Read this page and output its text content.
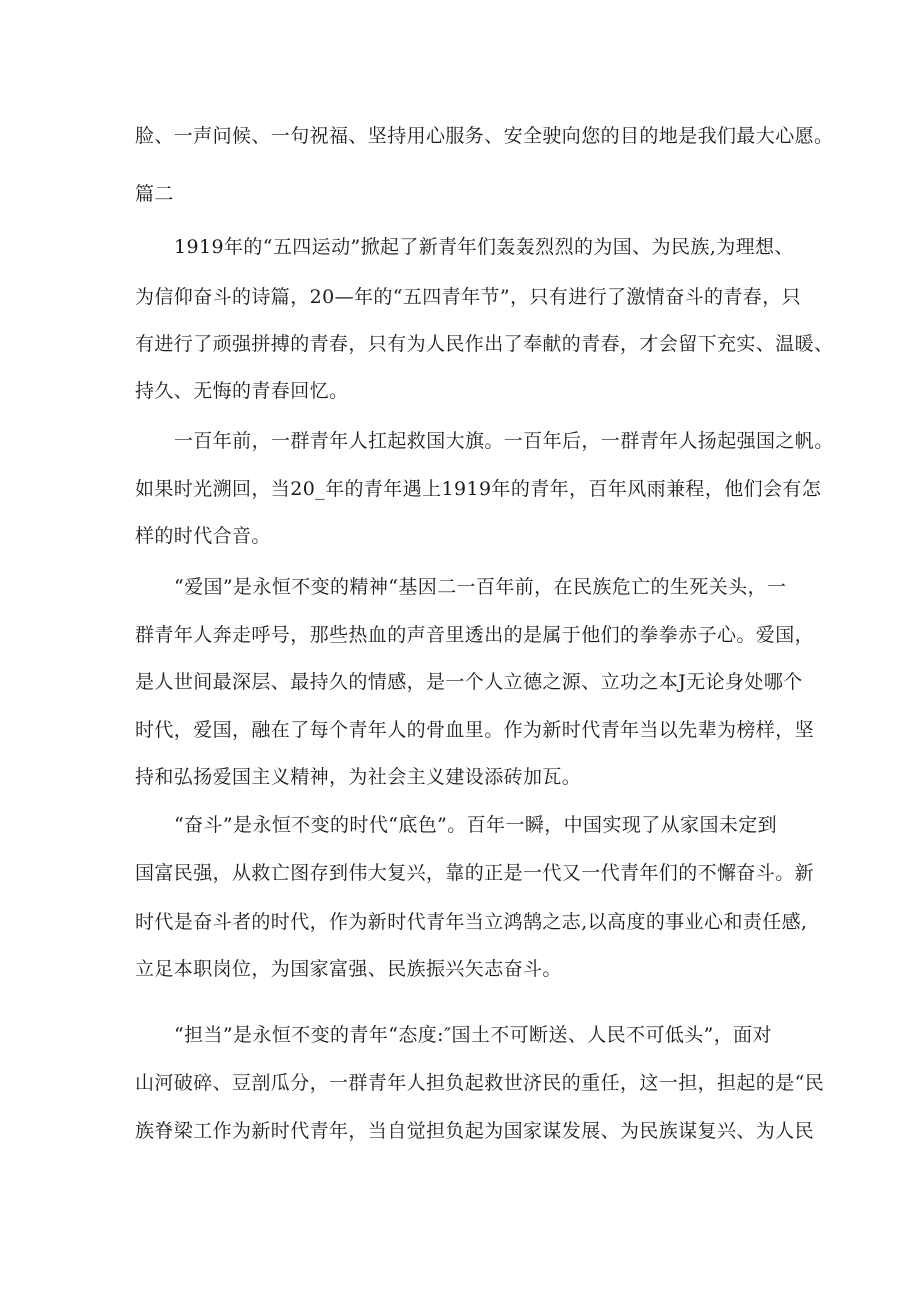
脸、一声问候、一句祝福、坚持用心服务、安全驶向您的目的地是我们最大心愿。
篇二
1919年的“五四运动”掀起了新青年们轰轰烈烈的为国、为民族,为理想、
为信仰奋斗的诗篇，20—年的“五四青年节”，只有进行了激情奋斗的青春，只
有进行了顽强拼搏的青春，只有为人民作出了奉献的青春，才会留下充实、温暖、
持久、无悔的青春回忆。
一百年前，一群青年人扛起救国大旗。一百年后，一群青年人扬起强国之帆。
如果时光溯回，当20_年的青年遇上1919年的青年，百年风雨兼程，他们会有怎
样的时代合音。
“爱国”是永恒不变的精神“基因二一百年前，在民族危亡的生死关头，一
群青年人奔走呼号，那些热血的声音里透出的是属于他们的拳拳赤子心。爱国，
是人世间最深层、最持久的情感，是一个人立德之源、立功之本J无论身处哪个
时代，爱国，融在了每个青年人的骨血里。作为新时代青年当以先辈为榜样，坚
持和弘扬爱国主义精神，为社会主义建设添砖加瓦。
“奋斗”是永恒不变的时代“底色”。百年一瞬，中国实现了从家国未定到
国富民强，从救亡图存到伟大复兴，靠的正是一代又一代青年们的不懈奋斗。新
时代是奋斗者的时代，作为新时代青年当立鸿鹄之志,以高度的事业心和责任感,
立足本职岗位，为国家富强、民族振兴矢志奋斗。
“担当”是永恒不变的青年“态度:″国土不可断送、人民不可低头”，面对
山河破碎、豆剖瓜分，一群青年人担负起救世济民的重任，这一担，担起的是“民
族脊梁工作为新时代青年，当自觉担负起为国家谋发展、为民族谋复兴、为人民
